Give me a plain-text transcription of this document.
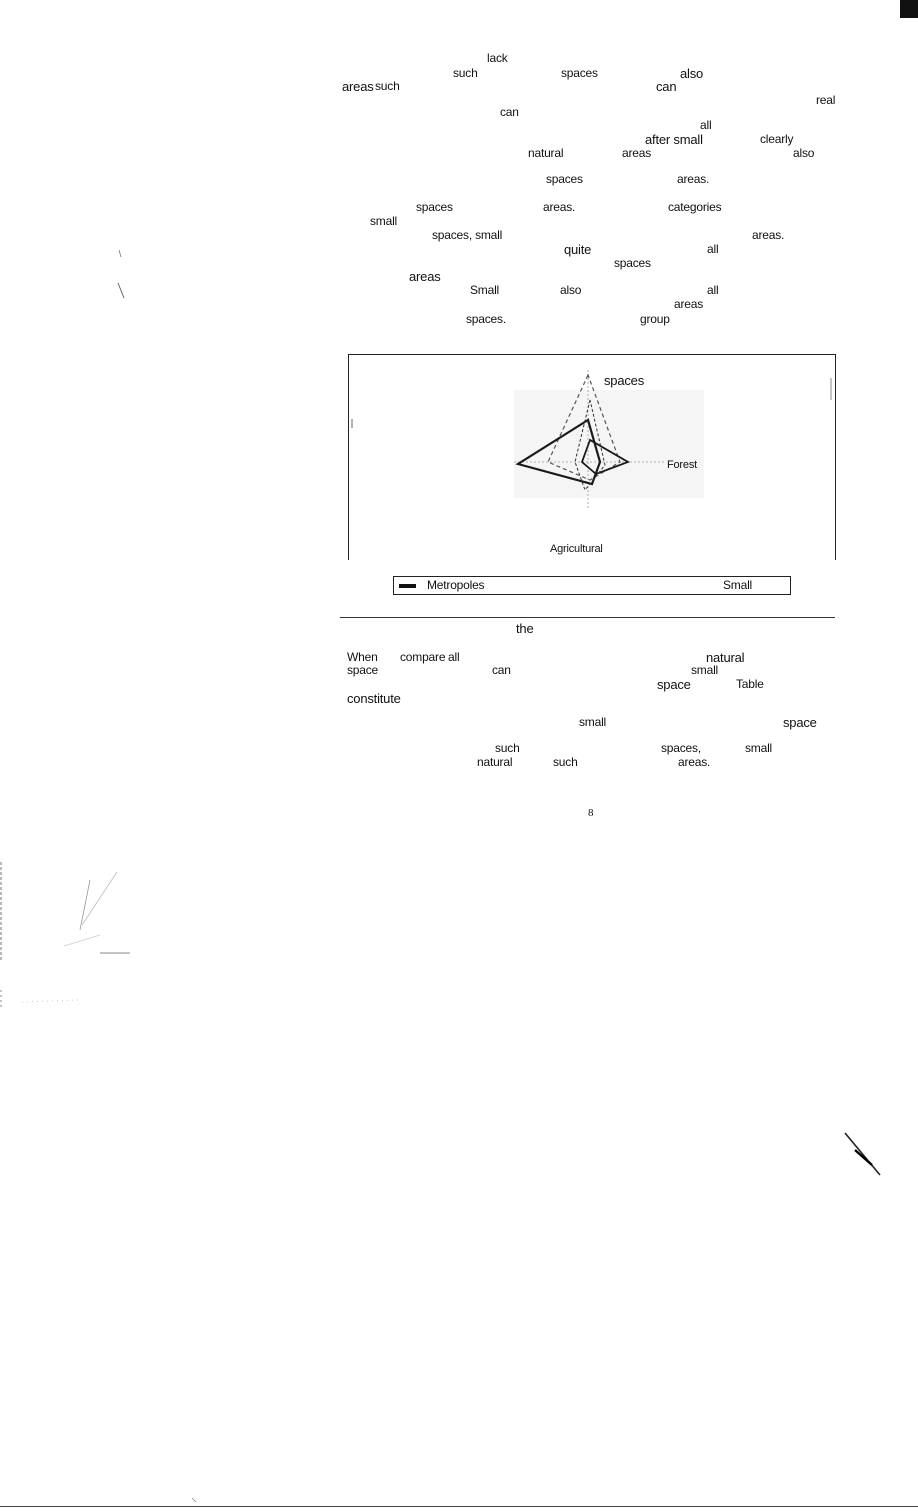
lack
such	spaces	also
areas such	can
real
can
all
after small	clearly
natural	areas	also
spaces	areas.
spaces	areas.	categories
small
spaces, small	areas.
quite	all
spaces
areas
Small	also	all
areas
spaces.	group
spaces
Forest
Agricultural
Metropoles	Small
the
When compare all	natural
space	can	small
space	Table
constitute
small	space
such	spaces,	small
natural	such	areas.
8
